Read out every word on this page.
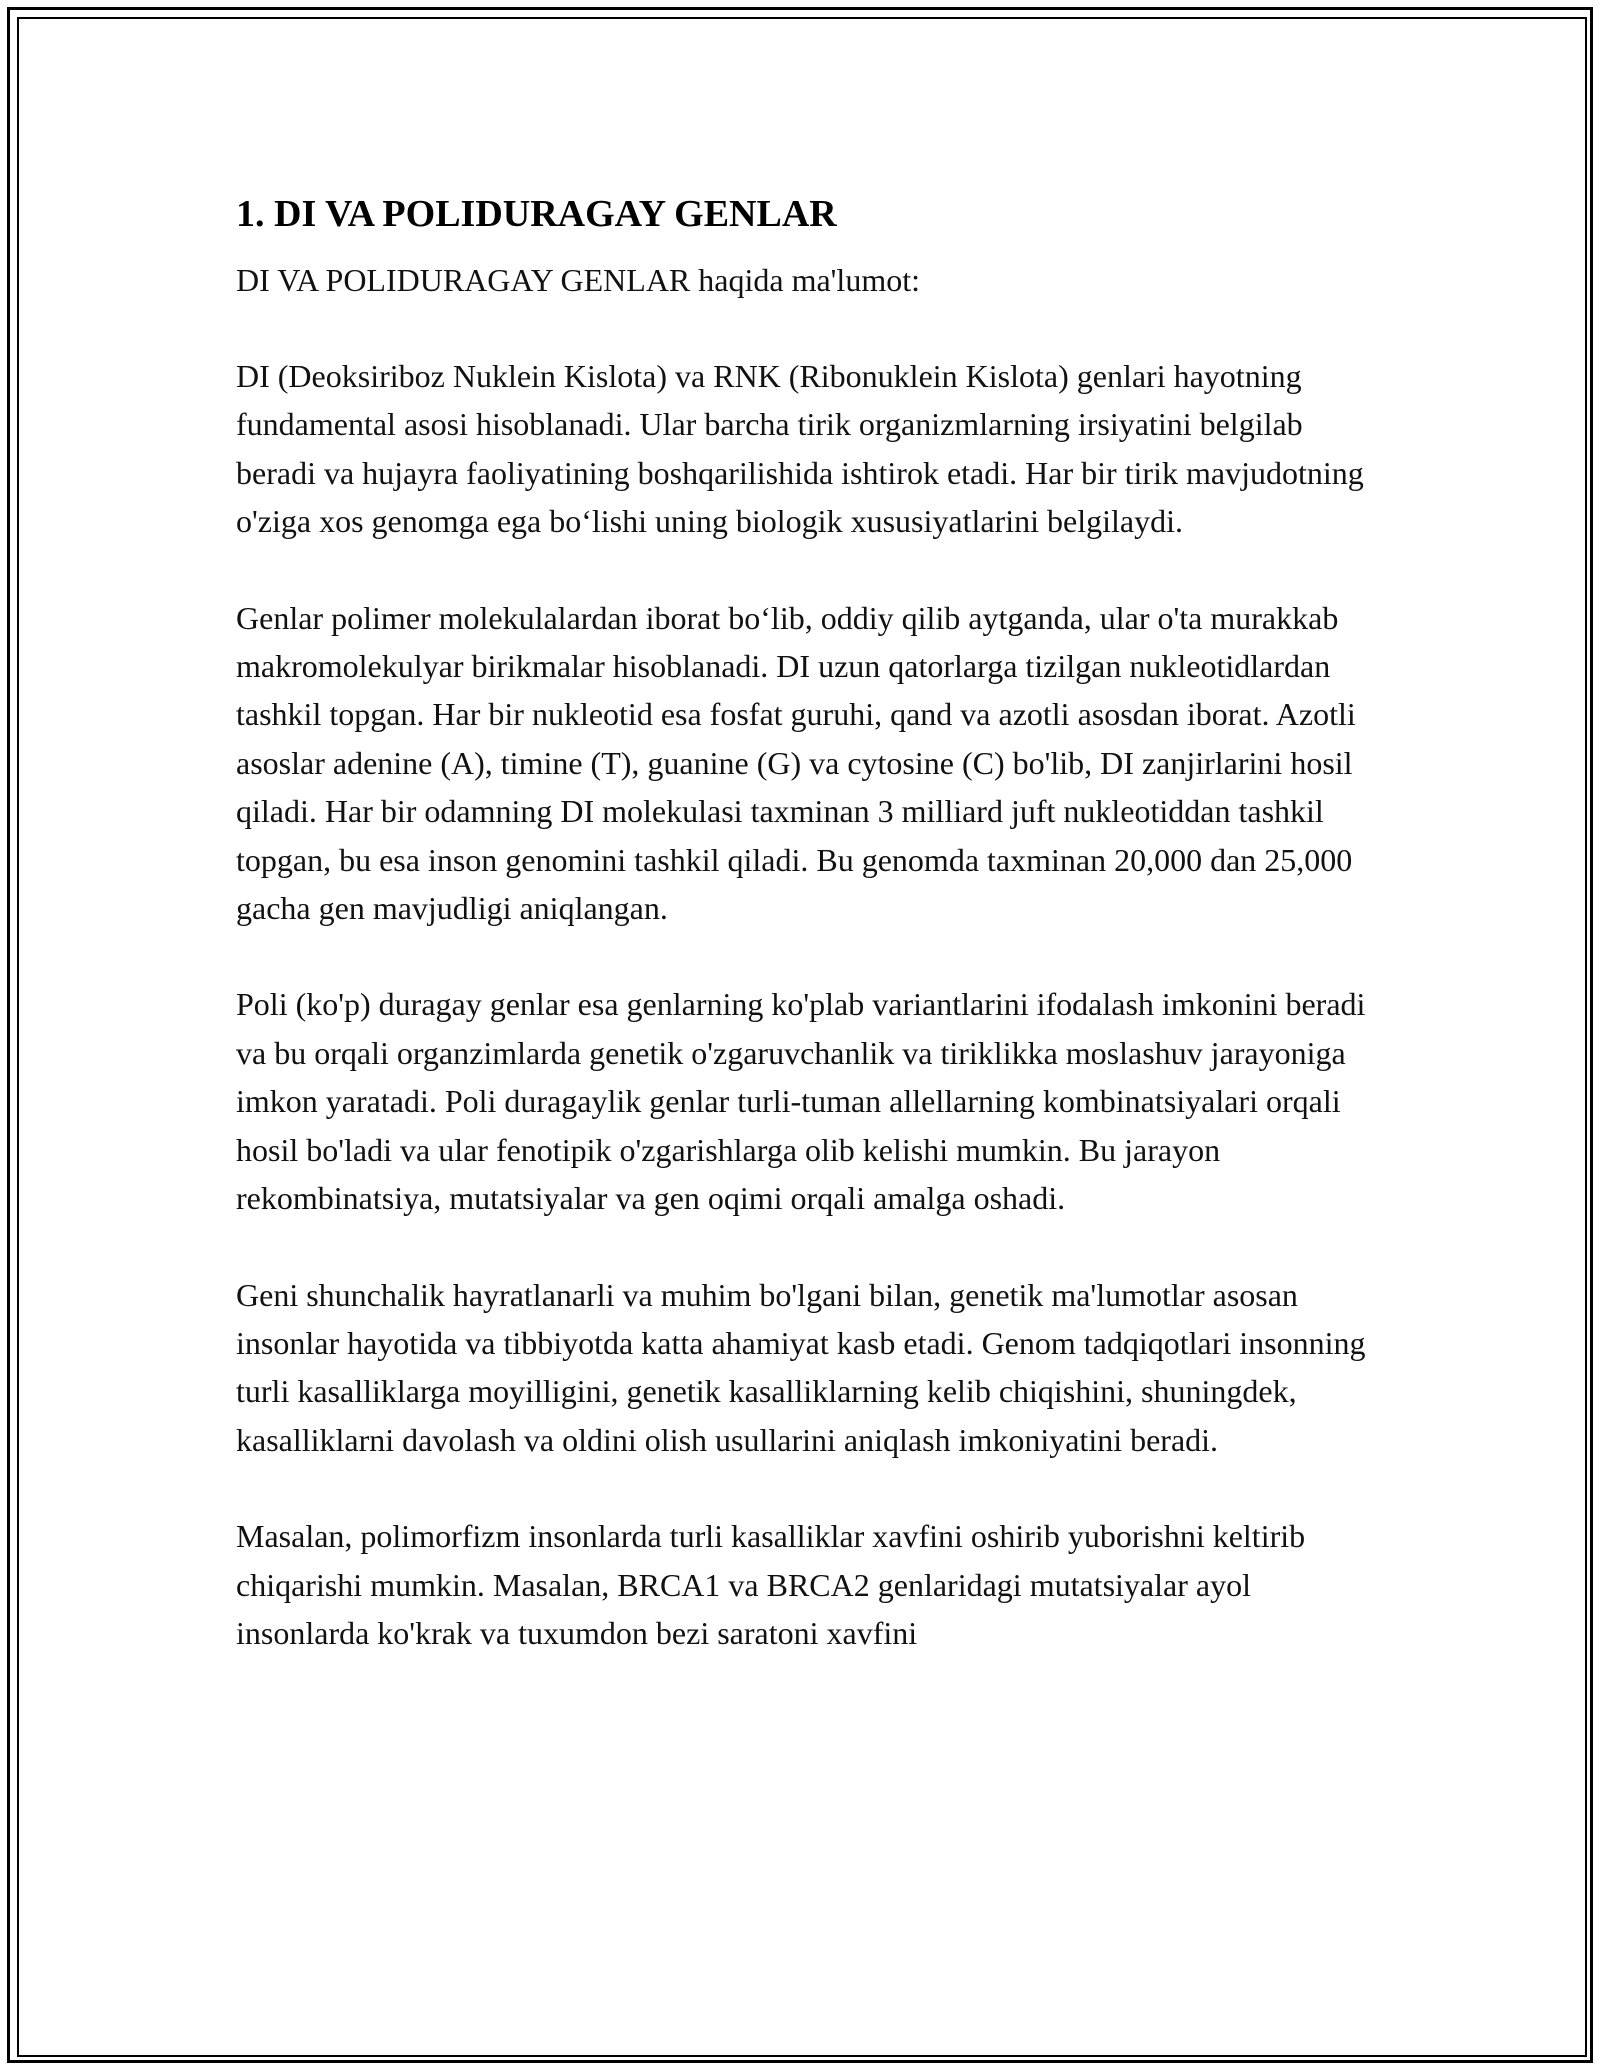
1. DI VA POLIDURAGAY GENLAR

DI VA POLIDURAGAY GENLAR haqida ma'lumot:

DI (Deoksiriboz Nuklein Kislota) va RNK (Ribonuklein Kislota) genlari hayotning fundamental asosi hisoblanadi. Ular barcha tirik organizmlarning irsiyatini belgilab beradi va hujayra faoliyatining boshqarilishida ishtirok etadi. Har bir tirik mavjudotning o'ziga xos genomga ega bo‘lishi uning biologik xususiyatlarini belgilaydi.

Genlar polimer molekulalardan iborat bo‘lib, oddiy qilib aytganda, ular o'ta murakkab makromolekulyar birikmalar hisoblanadi. DI uzun qatorlarga tizilgan nukleotidlardan tashkil topgan. Har bir nukleotid esa fosfat guruhi, qand va azotli asosdan iborat. Azotli asoslar adenine (A), timine (T), guanine (G) va cytosine (C) bo'lib, DI zanjirlarini hosil qiladi. Har bir odamning DI molekulasi taxminan 3 milliard juft nukleotiddan tashkil topgan, bu esa inson genomini tashkil qiladi. Bu genomda taxminan 20,000 dan 25,000 gacha gen mavjudligi aniqlangan.

Poli (ko'p) duragay genlar esa genlarning ko'plab variantlarini ifodalash imkonini beradi va bu orqali organzimlarda genetik o'zgaruvchanlik va tiriklikka moslashuv jarayoniga imkon yaratadi. Poli duragaylik genlar turli-tuman allellarning kombinatsiyalari orqali hosil bo'ladi va ular fenotipik o'zgarishlarga olib kelishi mumkin. Bu jarayon rekombinatsiya, mutatsiyalar va gen oqimi orqali amalga oshadi.

Geni shunchalik hayratlanarli va muhim bo'lgani bilan, genetik ma'lumotlar asosan insonlar hayotida va tibbiyotda katta ahamiyat kasb etadi. Genom tadqiqotlari insonning turli kasalliklarga moyilligini, genetik kasalliklarning kelib chiqishini, shuningdek, kasalliklarni davolash va oldini olish usullarini aniqlash imkoniyatini beradi.

Masalan, polimorfizm insonlarda turli kasalliklar xavfini oshirib yuborishni keltirib chiqarishi mumkin. Masalan, BRCA1 va BRCA2 genlaridagi mutatsiyalar ayol insonlarda ko'krak va tuxumdon bezi saratoni xavfini
